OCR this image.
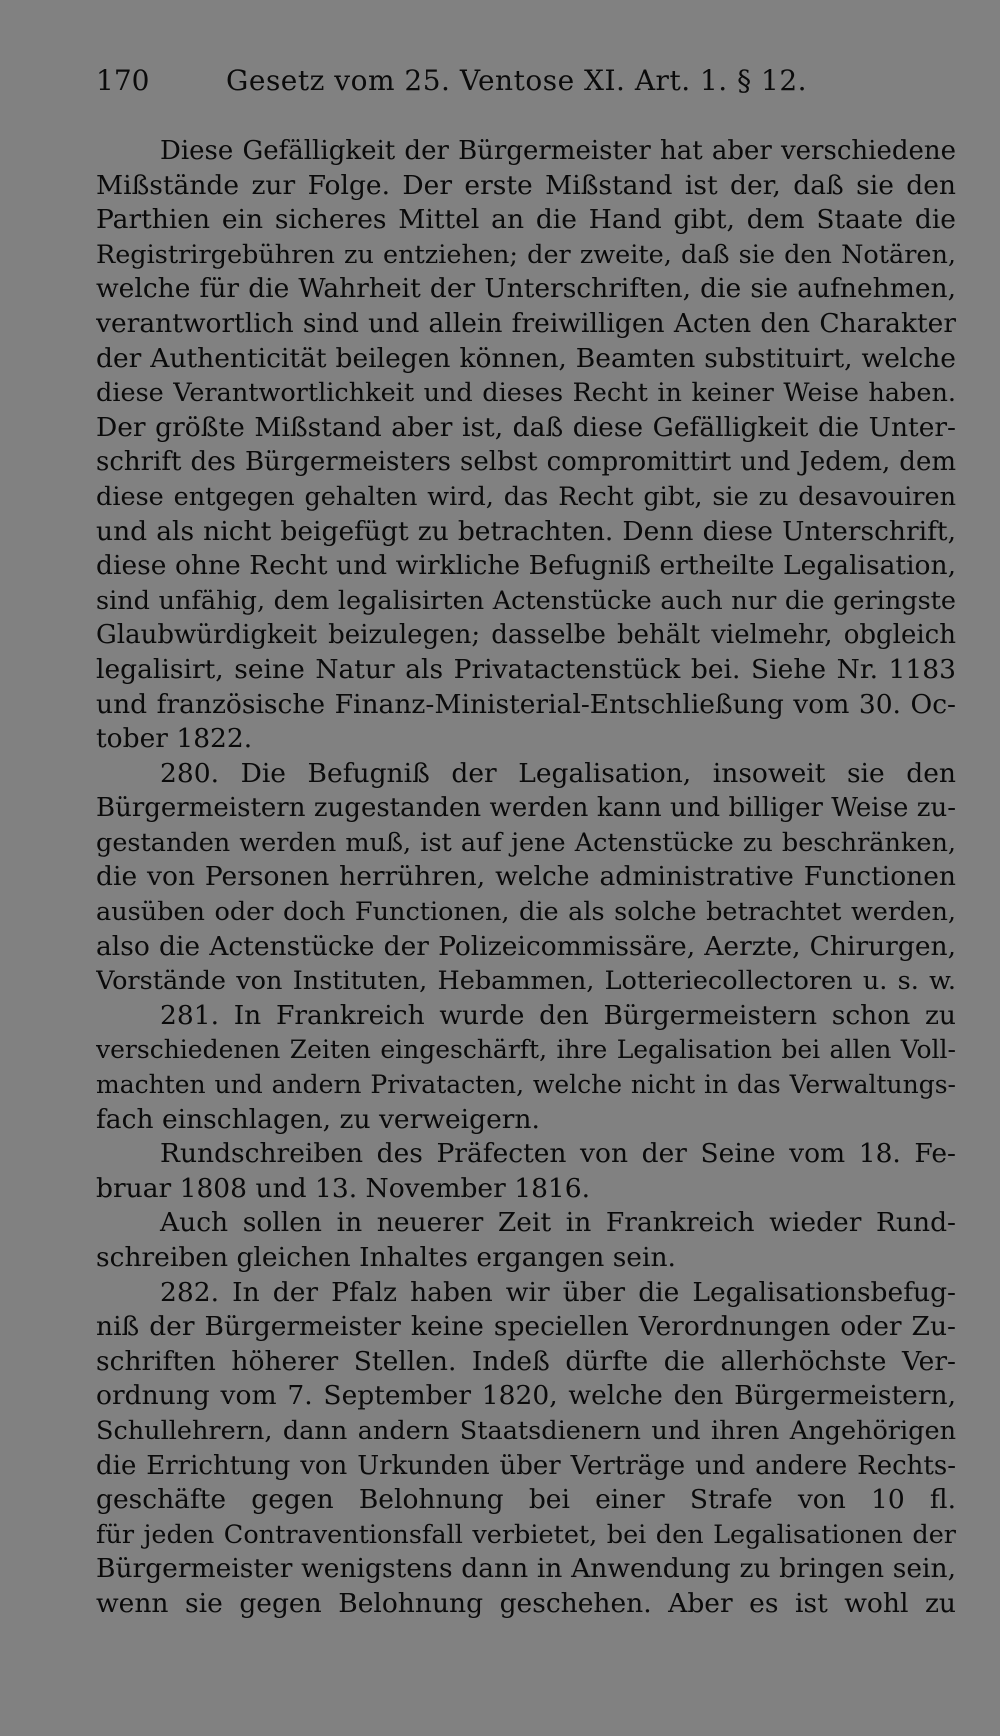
170	Gesetz vom 25. Ventose XI. Art. 1. § 12.
Diese Gefälligkeit der Bürgermeister hat aber verschiedene
Mißstände zur Folge. Der erste Mißstand ist der, daß sie den
Parthien ein sicheres Mittel an die Hand gibt, dem Staate die
Registrirgebühren zu entziehen; der zweite, daß sie den Notären,
welche für die Wahrheit der Unterschriften, die sie aufnehmen,
verantwortlich sind und allein freiwilligen Acten den Charakter
der Authenticität beilegen können, Beamten substituirt, welche
diese Verantwortlichkeit und dieses Recht in keiner Weise haben.
Der größte Mißstand aber ist, daß diese Gefälligkeit die Unter-
schrift des Bürgermeisters selbst compromittirt und Jedem, dem
diese entgegen gehalten wird, das Recht gibt, sie zu desavouiren
und als nicht beigefügt zu betrachten. Denn diese Unterschrift,
diese ohne Recht und wirkliche Befugniß ertheilte Legalisation,
sind unfähig, dem legalisirten Actenstücke auch nur die geringste
Glaubwürdigkeit beizulegen; dasselbe behält vielmehr, obgleich
legalisirt, seine Natur als Privatactenstück bei. Siehe Nr. 1183
und französische Finanz-Ministerial-Entschließung vom 30. Oc-
tober 1822.
280. Die Befugniß der Legalisation, insoweit sie den
Bürgermeistern zugestanden werden kann und billiger Weise zu-
gestanden werden muß, ist auf jene Actenstücke zu beschränken,
die von Personen herrühren, welche administrative Functionen
ausüben oder doch Functionen, die als solche betrachtet werden,
also die Actenstücke der Polizeicommissäre, Aerzte, Chirurgen,
Vorstände von Instituten, Hebammen, Lotteriecollectoren u. s. w.
281. In Frankreich wurde den Bürgermeistern schon zu
verschiedenen Zeiten eingeschärft, ihre Legalisation bei allen Voll-
machten und andern Privatacten, welche nicht in das Verwaltungs-
fach einschlagen, zu verweigern.
Rundschreiben des Präfecten von der Seine vom 18. Fe-
bruar 1808 und 13. November 1816.
Auch sollen in neuerer Zeit in Frankreich wieder Rund-
schreiben gleichen Inhaltes ergangen sein.
282. In der Pfalz haben wir über die Legalisationsbefug-
niß der Bürgermeister keine speciellen Verordnungen oder Zu-
schriften höherer Stellen. Indeß dürfte die allerhöchste Ver-
ordnung vom 7. September 1820, welche den Bürgermeistern,
Schullehrern, dann andern Staatsdienern und ihren Angehörigen
die Errichtung von Urkunden über Verträge und andere Rechts-
geschäfte gegen Belohnung bei einer Strafe von 10 fl.
für jeden Contraventionsfall verbietet, bei den Legalisationen der
Bürgermeister wenigstens dann in Anwendung zu bringen sein,
wenn sie gegen Belohnung geschehen. Aber es ist wohl zu
